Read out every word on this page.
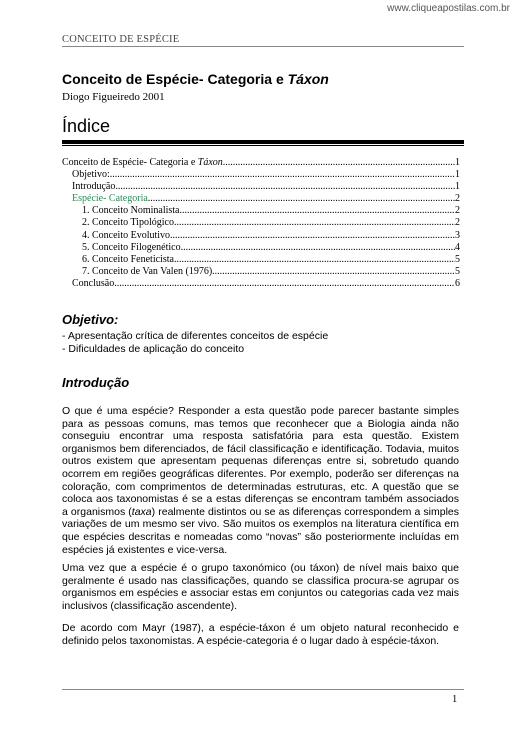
www.cliqueapostilas.com.br
CONCEITO DE ESPÉCIE
Conceito de Espécie- Categoria e Táxon
Diogo Figueiredo 2001
Índice
Conceito de Espécie- Categoria e Táxon .....	1
Objetivo: .....	1
Introdução .....	1
Espécie- Categoria .....	2
1. Conceito Nominalista .....	2
2. Conceito Tipológico .....	2
4. Conceito Evolutivo .....	3
5. Conceito Filogenético .....	4
6. Conceito Feneticista .....	5
7. Conceito de Van Valen (1976) .....	5
Conclusão .....	6
Objetivo:
- Apresentação crítica de diferentes conceitos de espécie
- Dificuldades de aplicação do conceito
Introdução

O que é uma espécie? Responder a esta questão pode parecer bastante simples para as pessoas comuns, mas temos que reconhecer que a Biologia ainda não conseguiu encontrar uma resposta satisfatória para esta questão. Existem organismos bem diferenciados, de fácil classificação e identificação. Todavia, muitos outros existem que apresentam pequenas diferenças entre si, sobretudo quando ocorrem em regiões geográficas diferentes. Por exemplo, poderão ser diferenças na coloração, com comprimentos de determinadas estruturas, etc. A questão que se coloca aos taxonomistas é se a estas diferenças se encontram também associados a organismos (taxa) realmente distintos ou se as diferenças correspondem a simples variações de um mesmo ser vivo. São muitos os exemplos na literatura científica em que espécies descritas e nomeadas como “novas” são posteriormente incluídas em espécies já existentes e vice-versa.

Uma vez que a espécie é o grupo taxonómico (ou táxon) de nível mais baixo que geralmente é usado nas classificações, quando se classifica procura-se agrupar os organismos em espécies e associar estas em conjuntos ou categorias cada vez mais inclusivos (classificação ascendente).

De acordo com Mayr (1987), a espécie-táxon é um objeto natural reconhecido e definido pelos taxonomistas. A espécie-categoria é o lugar dado à espécie-táxon.

1
